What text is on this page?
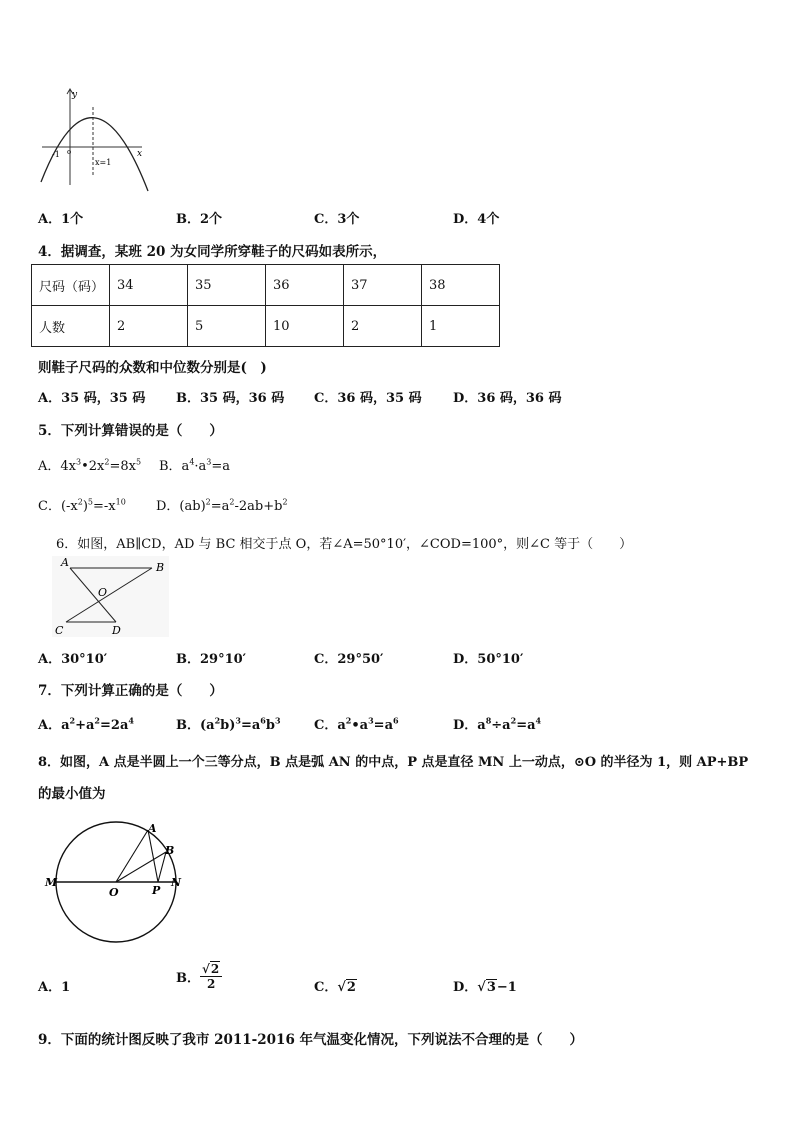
y
x
-1 o
x=1
A．1个	B．2个	C．3个	D．4个
4．据调查，某班 20 为女同学所穿鞋子的尺码如表所示，
尺码（码）	34	35	36	37	38
人数	2	5	10	2	1
则鞋子尺码的众数和中位数分别是(　)
A．35 码，35 码 B．35 码，36 码 C．36 码，35 码 D．36 码，36 码
5．下列计算错误的是（　　）
A．$4x^3•2x^2=8x^5$ B．$a^4\cdot a^3=a$
C．$(-x^2)^5=-x^{10}$ D．$(ab)^2=a^2-2ab+b^2$
6．如图，AB∥CD，AD 与 BC 相交于点 O，若∠A=50°10′，∠COD=100°，则∠C 等于（　　）
A	B
O
C	D
A．30°10′	B．29°10′	C．29°50′	D．50°10′
7．下列计算正确的是（　　）
A．$a^2+a^2=2a^4$	B．$(a^2b)^3=a^6b^3$	C．$a^2•a^3=a^6$	D．$a^8\div a^2=a^4$
8．如图，A 点是半圆上一个三等分点，B 点是弧 AN 的中点，P 点是直径 MN 上一动点，⊙O 的半径为 1，则 AP+BP
的最小值为
M
O	P
N
A
B
A．1
B． $\frac{√2}{2}$	C．√2	D．√3−1
9．下面的统计图反映了我市 2011-2016 年气温变化情况，下列说法不合理的是（　　）
